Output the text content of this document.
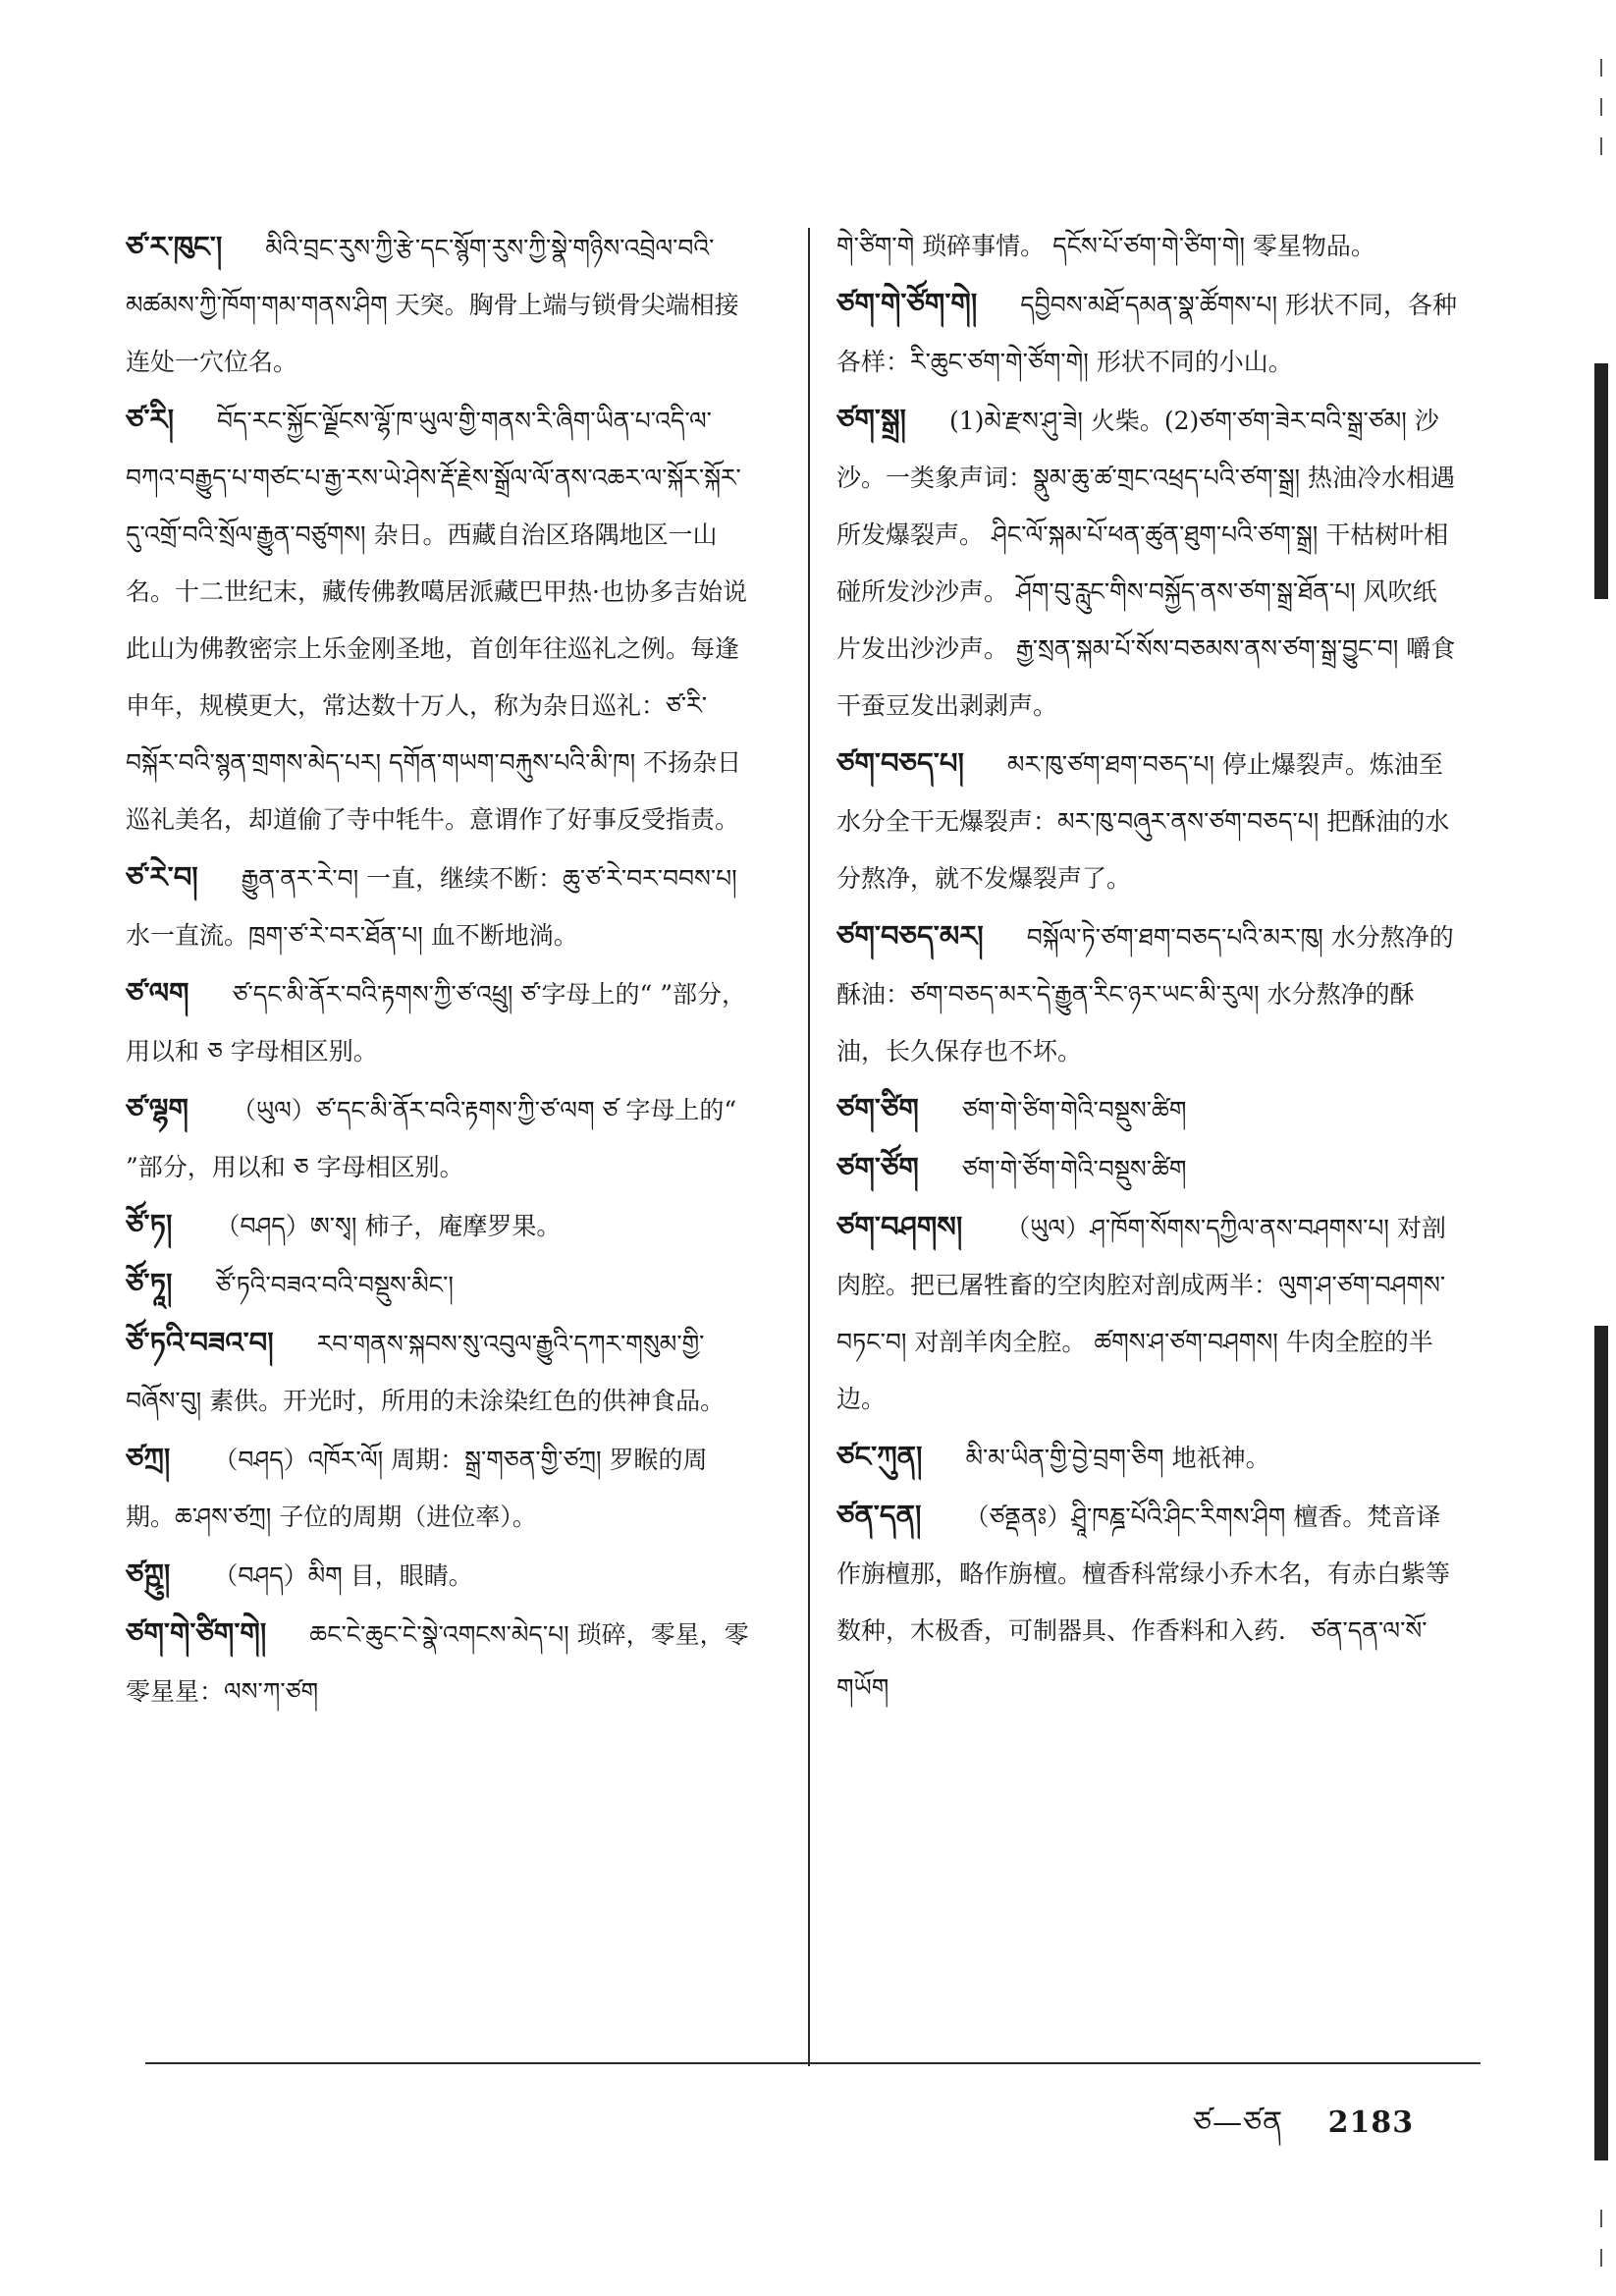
ཙ་ར་ཁུང་། མིའི་བྲང་རུས་ཀྱི་རྩེ་དང་སྙོག་རུས་ཀྱི་སྣེ་གཉིས་འབྲེལ་བའི་མཚམས་ཀྱི་ཁོག་གམ་གནས་ཤིག 天突。胸骨上端与锁骨尖端相接连处一穴位名。

ཙ་རི། བོད་རང་སྐྱོང་ལྗོངས་ལྷོ་ཁ་ཡུལ་གྱི་གནས་རི་ཞིག་ཡིན་པ་འདི་ལ་བཀའ་བརྒྱུད་པ་གཙང་པ་རྒྱ་རས་ཡེ་ཤེས་རྡོ་རྗེས་སྒྲོལ་ལོ་ནས་འཆར་ལ་སྐོར་སྐོར་དུ་འགྲོ་བའི་སྲོལ་རྒྱུན་བཙུགས། 杂日。西藏自治区珞隅地区一山名。十二世纪末，藏传佛教噶居派藏巴甲热·也协多吉始说此山为佛教密宗上乐金刚圣地，首创年往巡礼之例。每逢申年，规模更大，常达数十万人，称为杂日巡礼：ཙ་རི་བསྐོར་བའི་སྙན་གྲགས་མེད་པར། དགོན་གཡག་བརྐུས་པའི་མི་ཁ། 不扬杂日巡礼美名，却道偷了寺中牦牛。意谓作了好事反受指责。

ཙ་རེ་བ། རྒྱུན་ནར་རེ་བ། 一直，继续不断：ཆུ་ཙ་རེ་བར་བབས་པ། 水一直流。ཁྲག་ཙ་རེ་བར་ཐོན་པ། 血不断地淌。

ཙ་ལག ཙ་དང་མི་ནོར་བའི་རྟགས་ཀྱི་ཙ་འཕྲུ། ཙ་字母上的“ ”部分，用以和 ཅ 字母相区别。

ཙ་ལྷག （ཡུལ）ཙ་དང་མི་ནོར་བའི་རྟགས་ཀྱི་ཙ་ལག ཙ 字母上的“ ”部分，用以和 ཅ 字母相区别。

ཙོ་ཏ། （བཤད）ཨ་སྭ། 柿子，庵摩罗果。

ཙོ་ཏཱ། ཙོ་ཏའི་བཟའ་བའི་བསྡུས་མིང་།

ཙོ་ཏའི་བཟའ་བ། རབ་གནས་སྐབས་སུ་འབུལ་རྒྱུའི་དཀར་གསུམ་གྱི་བཞོས་བུ། 素供。开光时，所用的未涂染红色的供神食品。

ཙཀྲ། （བཤད）འཁོར་ལོ། 周期：སྒྲ་གཅན་གྱི་ཙཀྲ། 罗睺的周期。ཆ་ཤས་ཙཀྲ། 子位的周期（进位率）。

ཙཀྵུ། （བཤད）མིག 目，眼睛。

ཙག་གེ་ཙིག་གེ། ཆང་ངེ་ཆུང་ངེ་སྣེ་འགངས་མེད་པ། 琐碎，零星，零零星星：ལས་ཀ་ཙག

གེ་ཙིག་གེ 琐碎事情。 དངོས་པོ་ཙག་གེ་ཙིག་གེ། 零星物品。

ཙག་གེ་ཙོག་གེ། དབྱིབས་མཐོ་དམན་སྣ་ཚོགས་པ། 形状不同，各种各样：རི་ཆུང་ཙག་གེ་ཙོག་གེ། 形状不同的小山。

ཙག་སྒྲ། (1)མེ་རྫས་ཤུ་ཟེ། 火柴。(2)ཙག་ཙག་ཟེར་བའི་སྒྲ་ཙམ། 沙沙。一类象声词：སྣུམ་ཆུ་ཚ་གྲང་འཕྲད་པའི་ཙག་སྒྲ། 热油冷水相遇所发爆裂声。 ཤིང་ལོ་སྐམ་པོ་ཕན་ཚུན་ཐུག་པའི་ཙག་སྒྲ། 干枯树叶相碰所发沙沙声。 ཤོག་བུ་རླུང་གིས་བསྐྱོད་ནས་ཙག་སྒྲ་ཐོན་པ། 风吹纸片发出沙沙声。 རྒྱ་སྲན་སྐམ་པོ་སོས་བཅམས་ནས་ཙག་སྒྲ་བྱུང་བ། 嚼食干蚕豆发出剥剥声。

ཙག་བཅད་པ། མར་ཁུ་ཙག་ཐག་བཅད་པ། 停止爆裂声。炼油至水分全干无爆裂声：མར་ཁུ་བཞུར་ནས་ཙག་བཅད་པ། 把酥油的水分熬净，就不发爆裂声了。

ཙག་བཅད་མར། བསྐོལ་ཏེ་ཙག་ཐག་བཅད་པའི་མར་ཁུ། 水分熬净的酥油：ཙག་བཅད་མར་དེ་རྒྱུན་རིང་ཉར་ཡང་མི་རུལ། 水分熬净的酥油，长久保存也不坏。

ཙག་ཙིག ཙག་གེ་ཙིག་གེའི་བསྡུས་ཚིག

ཙག་ཙོག ཙག་གེ་ཙོག་གེའི་བསྡུས་ཚིག

ཙག་བཤགས། （ཡུལ）ཤ་ཁོག་སོགས་དཀྱིལ་ནས་བཤགས་པ། 对剖肉腔。把已屠牲畜的空肉腔对剖成两半：ལུག་ཤ་ཙག་བཤགས་བཏང་བ། 对剖羊肉全腔。 ཚགས་ཤ་ཙག་བཤགས། 牛肉全腔的半边。

ཙང་ཀུན། མི་མ་ཡིན་གྱི་བྱེ་བྲག་ཅིག 地祇神。

ཙན་དན། （ཙནྡནཿ）ཤྲཱི་ཁཎྜ་པོའི་ཤིང་རིགས་ཤིག 檀香。梵音译作旃檀那，略作旃檀。檀香科常绿小乔木名，有赤白紫等数种，木极香，可制器具、作香料和入药． ཙན་དན་ལ་སོ་གཡོག

ཙ—ཙན 2183
